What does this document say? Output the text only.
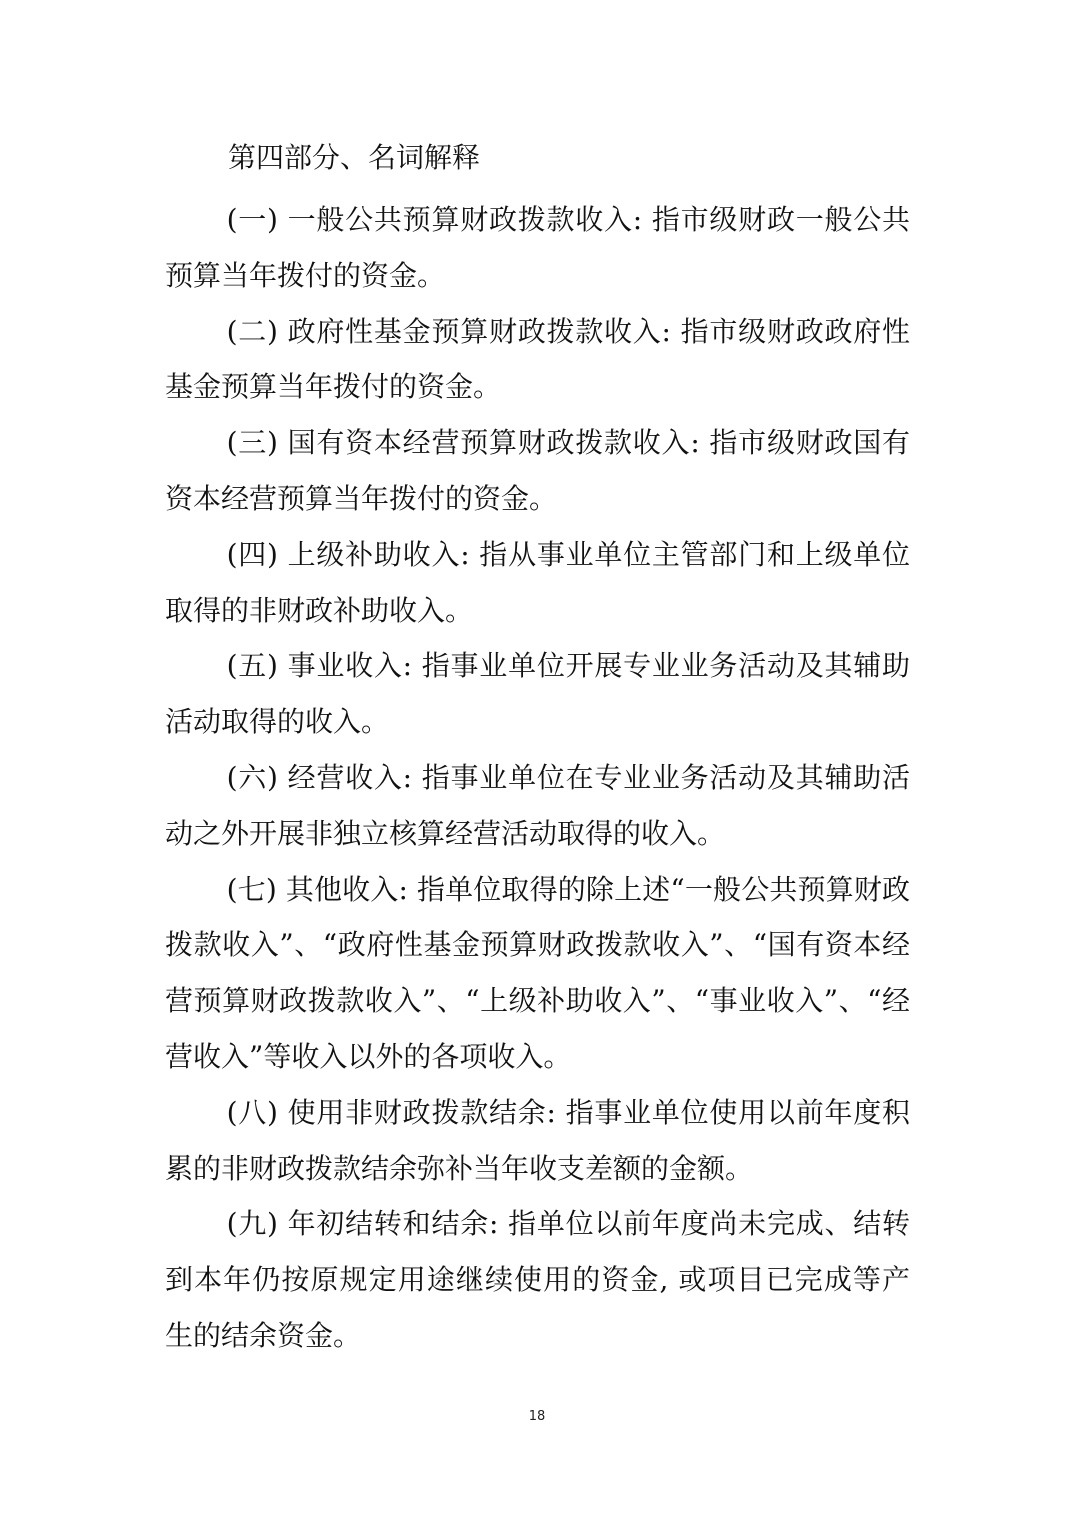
第四部分、名词解释

(一) 一般公共预算财政拨款收入: 指市级财政一般公共预算当年拨付的资金。

(二) 政府性基金预算财政拨款收入: 指市级财政政府性基金预算当年拨付的资金。

(三) 国有资本经营预算财政拨款收入: 指市级财政国有资本经营预算当年拨付的资金。

(四) 上级补助收入: 指从事业单位主管部门和上级单位取得的非财政补助收入。

(五) 事业收入: 指事业单位开展专业业务活动及其辅助活动取得的收入。

(六) 经营收入: 指事业单位在专业业务活动及其辅助活动之外开展非独立核算经营活动取得的收入。

(七) 其他收入: 指单位取得的除上述“一般公共预算财政拨款收入”、“政府性基金预算财政拨款收入”、“国有资本经营预算财政拨款收入”、“上级补助收入”、“事业收入”、“经营收入”等收入以外的各项收入。

(八) 使用非财政拨款结余: 指事业单位使用以前年度积累的非财政拨款结余弥补当年收支差额的金额。

(九) 年初结转和结余: 指单位以前年度尚未完成、结转到本年仍按原规定用途继续使用的资金, 或项目已完成等产生的结余资金。

18
